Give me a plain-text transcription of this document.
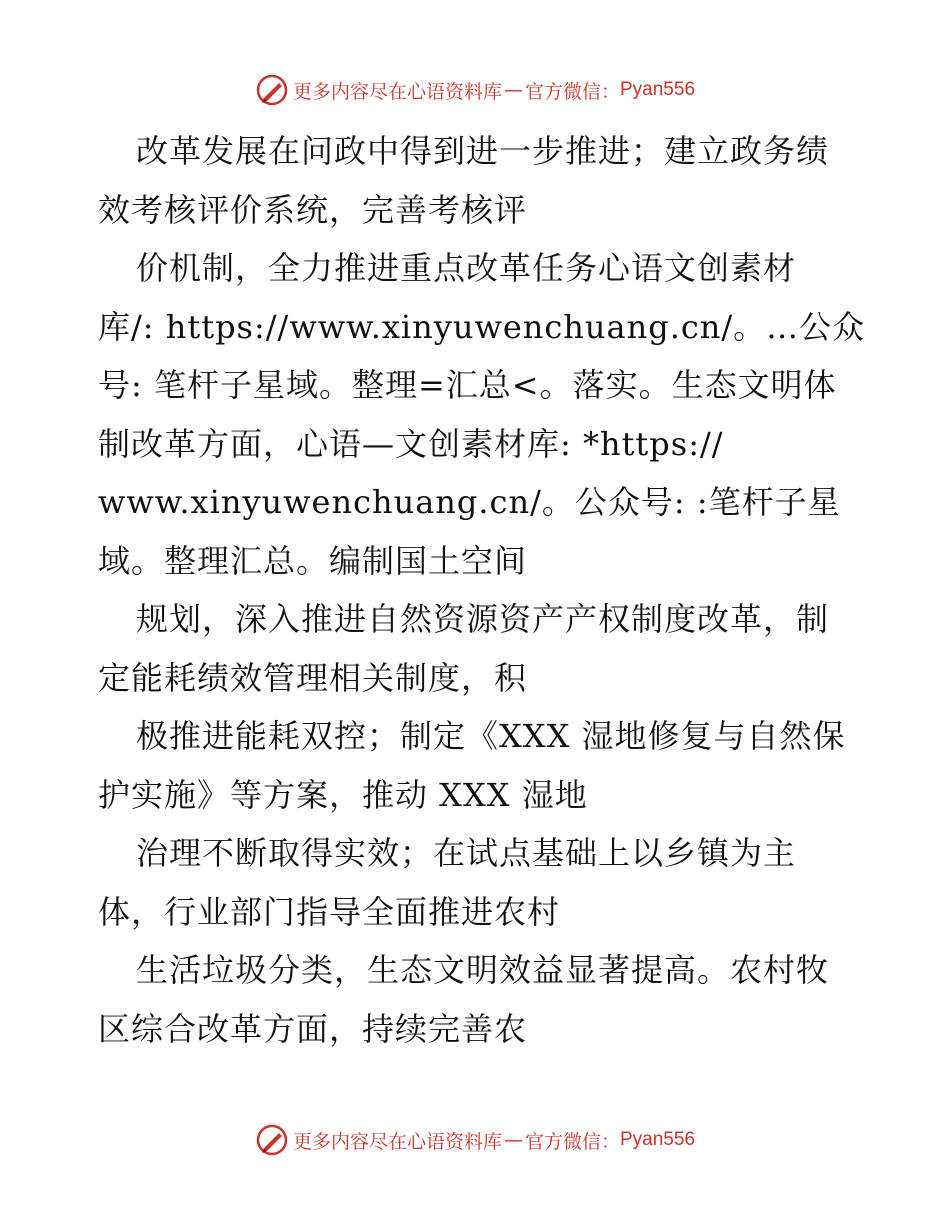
更多内容尽在心语资料库 — 官方微信： Pyan556
改革发展在问政中得到进一步推进；建立政务绩
效考核评价系统，完善考核评
价机制，全力推进重点改革任务心语文创素材
库/: https://www.xinyuwenchuang.cn/。…公众
号: 笔杆子星域。整理=汇总<。落实。生态文明体
制改革方面，心语—文创素材库: *https://
www.xinyuwenchuang.cn/。公众号: :笔杆子星
域。整理汇总。编制国土空间
规划，深入推进自然资源资产产权制度改革，制
定能耗绩效管理相关制度，积
极推进能耗双控；制定《XXX 湿地修复与自然保
护实施》等方案，推动 XXX 湿地
治理不断取得实效；在试点基础上以乡镇为主
体，行业部门指导全面推进农村
生活垃圾分类，生态文明效益显著提高。农村牧
区综合改革方面，持续完善农
更多内容尽在心语资料库 — 官方微信： Pyan556
